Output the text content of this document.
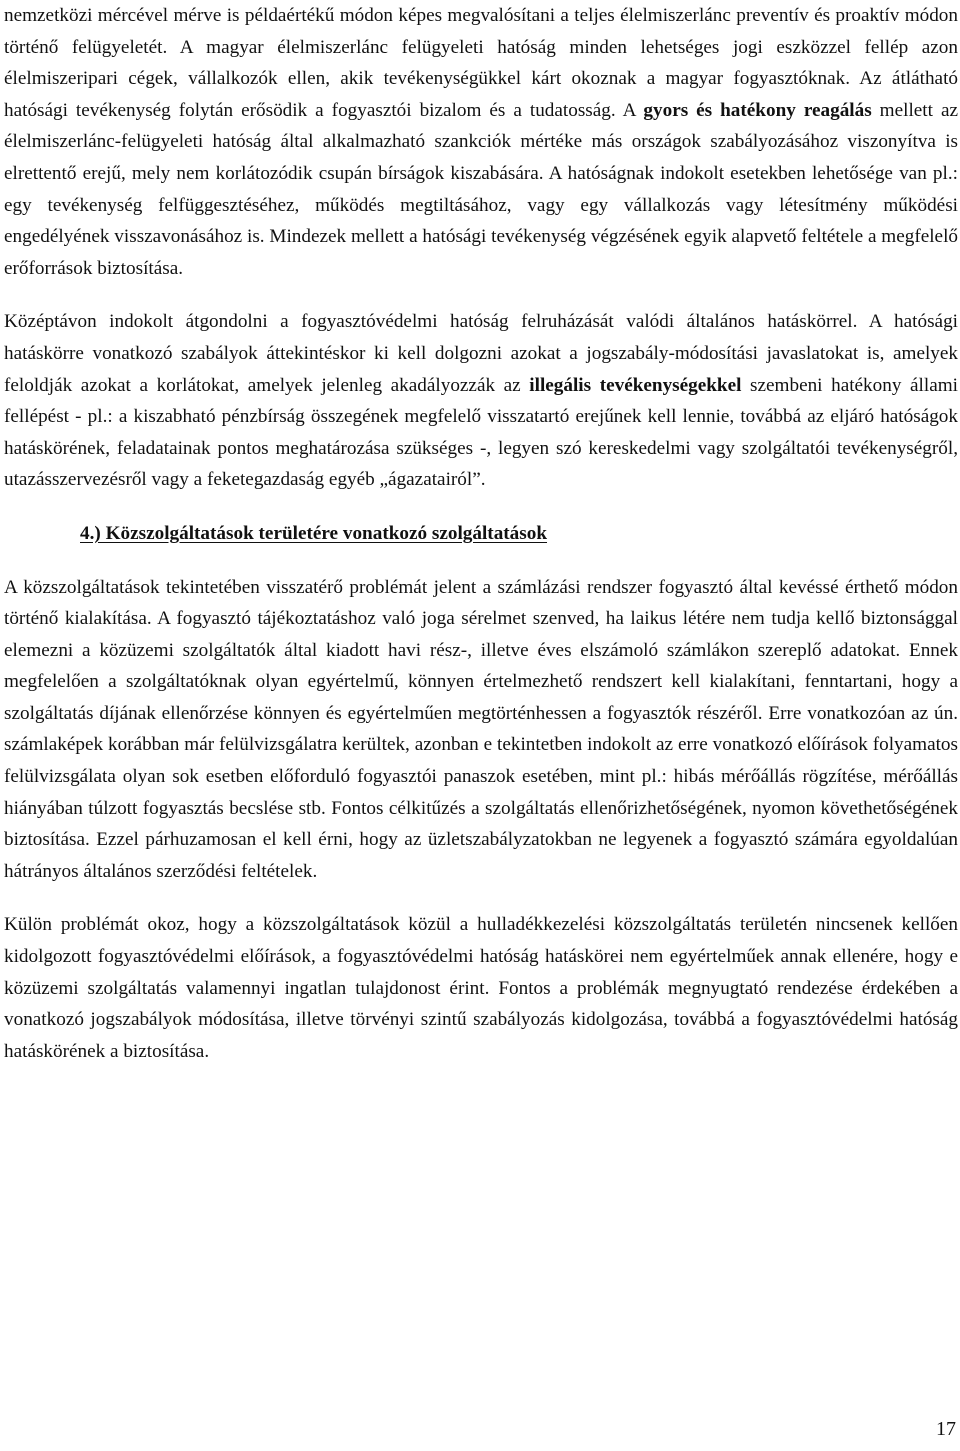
nemzetközi mércével mérve is példaértékű módon képes megvalósítani a teljes élelmiszerlánc preventív és proaktív módon történő felügyeletét. A magyar élelmiszerlánc felügyeleti hatóság minden lehetséges jogi eszközzel fellép azon élelmiszeripari cégek, vállalkozók ellen, akik tevékenységükkel kárt okoznak a magyar fogyasztóknak. Az átlátható hatósági tevékenység folytán erősödik a fogyasztói bizalom és a tudatosság. A gyors és hatékony reagálás mellett az élelmiszerlánc-felügyeleti hatóság által alkalmazható szankciók mértéke más országok szabályozásához viszonyítva is elrettentő erejű, mely nem korlátozódik csupán bírságok kiszabására. A hatóságnak indokolt esetekben lehetősége van pl.: egy tevékenység felfüggesztéséhez, működés megtiltásához, vagy egy vállalkozás vagy létesítmény működési engedélyének visszavonásához is. Mindezek mellett a hatósági tevékenység végzésének egyik alapvető feltétele a megfelelő erőforrások biztosítása.

Középtávon indokolt átgondolni a fogyasztóvédelmi hatóság felruházását valódi általános hatáskörrel. A hatósági hatáskörre vonatkozó szabályok áttekintéskor ki kell dolgozni azokat a jogszabály-módosítási javaslatokat is, amelyek feloldják azokat a korlátokat, amelyek jelenleg akadályozzák az illegális tevékenységekkel szembeni hatékony állami fellépést - pl.: a kiszabható pénzbírság összegének megfelelő visszatartó erejűnek kell lennie, továbbá az eljáró hatóságok hatáskörének, feladatainak pontos meghatározása szükséges -, legyen szó kereskedelmi vagy szolgáltatói tevékenységről, utazásszervezésről vagy a feketegazdaság egyéb „ágazatairól”.

4.) Közszolgáltatások területére vonatkozó szolgáltatások

A közszolgáltatások tekintetében visszatérő problémát jelent a számlázási rendszer fogyasztó által kevéssé érthető módon történő kialakítása. A fogyasztó tájékoztatáshoz való joga sérelmet szenved, ha laikus létére nem tudja kellő biztonsággal elemezni a közüzemi szolgáltatók által kiadott havi rész-, illetve éves elszámoló számlákon szereplő adatokat. Ennek megfelelően a szolgáltatóknak olyan egyértelmű, könnyen értelmezhető rendszert kell kialakítani, fenntartani, hogy a szolgáltatás díjának ellenőrzése könnyen és egyértelműen megtörténhessen a fogyasztók részéről. Erre vonatkozóan az ún. számlaképek korábban már felülvizsgálatra kerültek, azonban e tekintetben indokolt az erre vonatkozó előírások folyamatos felülvizsgálata olyan sok esetben előforduló fogyasztói panaszok esetében, mint pl.: hibás mérőállás rögzítése, mérőállás hiányában túlzott fogyasztás becslése stb. Fontos célkitűzés a szolgáltatás ellenőrizhetőségének, nyomon követhetőségének biztosítása. Ezzel párhuzamosan el kell érni, hogy az üzletszabályzatokban ne legyenek a fogyasztó számára egyoldalúan hátrányos általános szerződési feltételek.

Külön problémát okoz, hogy a közszolgáltatások közül a hulladékkezelési közszolgáltatás területén nincsenek kellően kidolgozott fogyasztóvédelmi előírások, a fogyasztóvédelmi hatóság hatáskörei nem egyértelműek annak ellenére, hogy e közüzemi szolgáltatás valamennyi ingatlan tulajdonost érint. Fontos a problémák megnyugtató rendezése érdekében a vonatkozó jogszabályok módosítása, illetve törvényi szintű szabályozás kidolgozása, továbbá a fogyasztóvédelmi hatóság hatáskörének a biztosítása.

17
